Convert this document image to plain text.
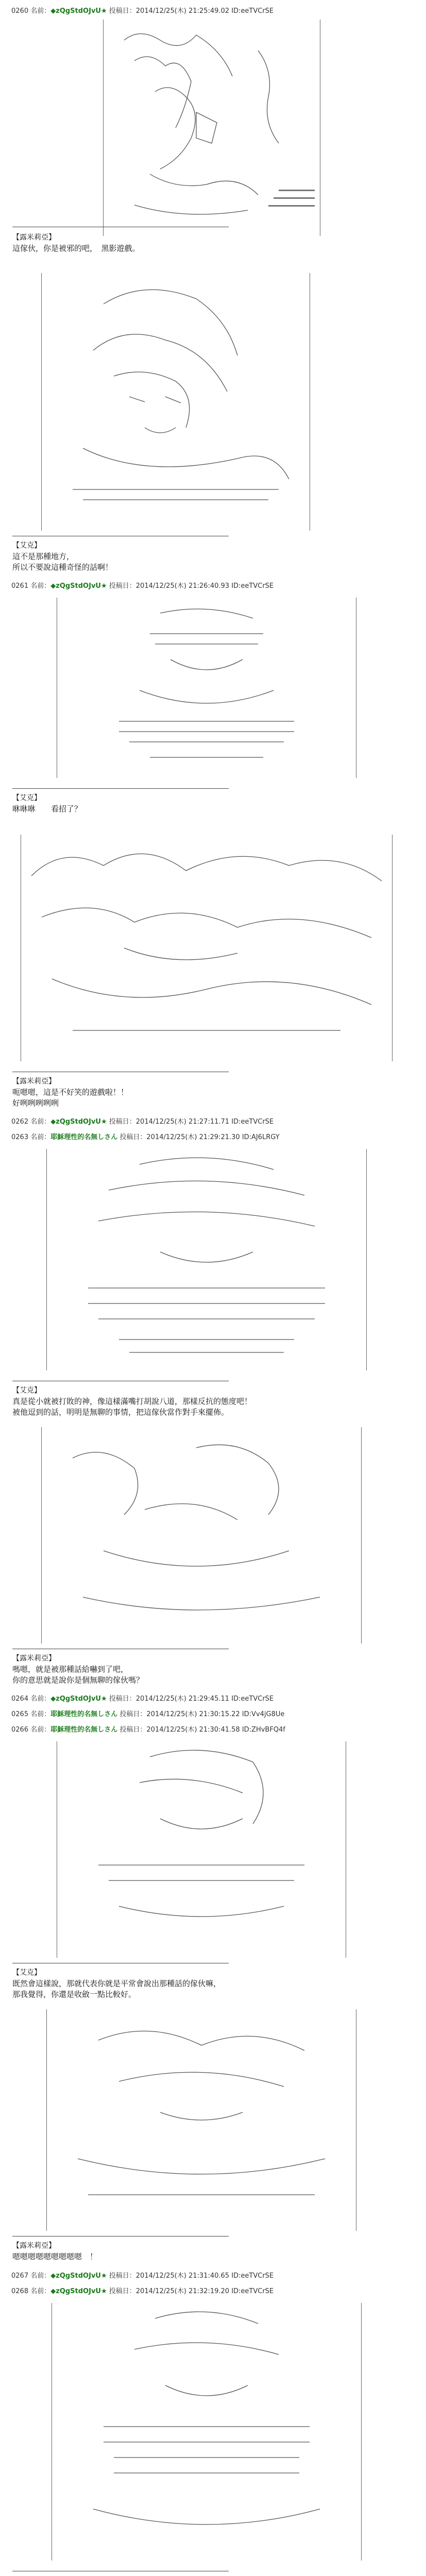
0260 名前：◆zQgStdOJvU★ 投稿日：2014/12/25(木) 21:25:49.02 ID:eeTVCrSE
【露米莉亞】
這傢伙，你是被邪的吧，　黑影遊戲。
【艾克】
這不是那種地方，
所以不要說這種奇怪的話啊！
0261 名前：◆zQgStdOJvU★ 投稿日：2014/12/25(木) 21:26:40.93 ID:eeTVCrSE
【艾克】
咻咻咻　　看招了？
【露米莉亞】
呃嗯嗯，這是不好笑的遊戲啦！！
好咧咧咧咧咧
0262 名前：◆zQgStdOJvU★ 投稿日：2014/12/25(木) 21:27:11.71 ID:eeTVCrSE
0263 名前：耶穌理性的名無しさん 投稿日：2014/12/25(木) 21:29:21.30 ID:AJ6LRGY
【艾克】
真是從小就被打敗的神，像這樣滿嘴打胡說八道，那樣反抗的態度吧！
被他逗到的話，明明是無聊的事情，把這傢伙當作對手來擺佈。
【露米莉亞】
嗎嗯，就是被那種話給嚇到了吧，
你的意思就是說你是個無聊的傢伙嗎？
0264 名前：◆zQgStdOJvU★ 投稿日：2014/12/25(木) 21:29:45.11 ID:eeTVCrSE
0265 名前：耶穌理性的名無しさん 投稿日：2014/12/25(木) 21:30:15.22 ID:Vv4jG8Ue
0266 名前：耶穌理性的名無しさん 投稿日：2014/12/25(木) 21:30:41.58 ID:ZHvBFQ4f
【艾克】
既然會這樣說，那就代表你就是平常會說出那種話的傢伙嘛，
那我覺得，你還是收斂一點比較好。
【露米莉亞】
嗯嗯嗯嗯嗯嗯嗯嗯嗯　！
0267 名前：◆zQgStdOJvU★ 投稿日：2014/12/25(木) 21:31:40.65 ID:eeTVCrSE
0268 名前：◆zQgStdOJvU★ 投稿日：2014/12/25(木) 21:32:19.20 ID:eeTVCrSE
